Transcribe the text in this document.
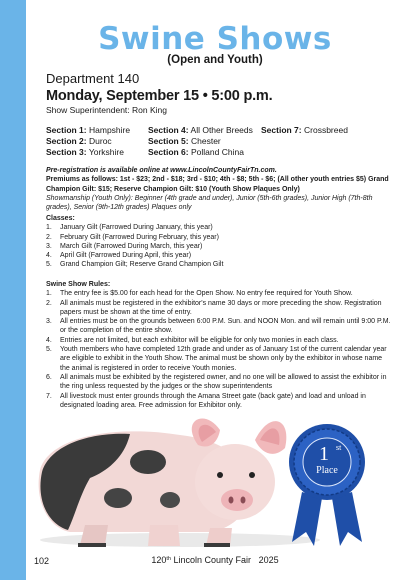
Swine Shows
(Open and Youth)
Department 140
Monday, September 15 • 5:00 p.m.
Show Superintendent: Ron King
Section 1: Hampshire
Section 2: Duroc
Section 3: Yorkshire
Section 4: All Other Breeds
Section 5: Chester
Section 6: Polland China
Section 7: Crossbreed
Pre-registration is available online at www.LincolnCountyFairTn.com.
Premiums as follows: 1st - $23; 2nd - $18; 3rd - $10; 4th - $8; 5th - $6; (All other youth entries $5) Grand Champion Gilt: $15; Reserve Champion Gilt: $10 (Youth Show Plaques Only)
Showmanship (Youth Only): Beginner (4th grade and under), Junior (5th-6th grades), Junior High (7th-8th grades), Senior (9th-12th grades) Plaques only
Classes:
1. January Gilt (Farrowed During January, this year)
2. February Gilt (Farrowed During February, this year)
3. March Gilt (Farrowed During March, this year)
4. April Gilt (Farrowed During April, this year)
5. Grand Champion Gilt; Reserve Grand Champion Gilt
Swine Show Rules:
1. The entry fee is $5.00 for each head for the Open Show. No entry fee required for Youth Show.
2. All animals must be registered in the exhibitor's name 30 days or more preceding the show. Registration papers must be shown at the time of entry.
3. All entries must be on the grounds between 6:00 P.M. Sun. and NOON Mon. and will remain until 9:00 P.M. or the completion of the entire show.
4. Entries are not limited, but each exhibitor will be eligible for only two monies in each class.
5. Youth members who have completed 12th grade and under as of January 1st of the current calendar year are eligible to exhibit in the Youth Show. The animal must be shown only by the exhibitor in whose name the animal is registered in order to receive Youth monies.
6. All animals must be exhibited by the registered owner, and no one will be allowed to assist the exhibitor in the ring unless requested by the judges or the show superintendents
7. All livestock must enter grounds through the Amana Street gate (back gate) and load and unload in designated loading area. Free admission for Exhibitor only.
1 st
Place
102	120th Lincoln County Fair 2025
